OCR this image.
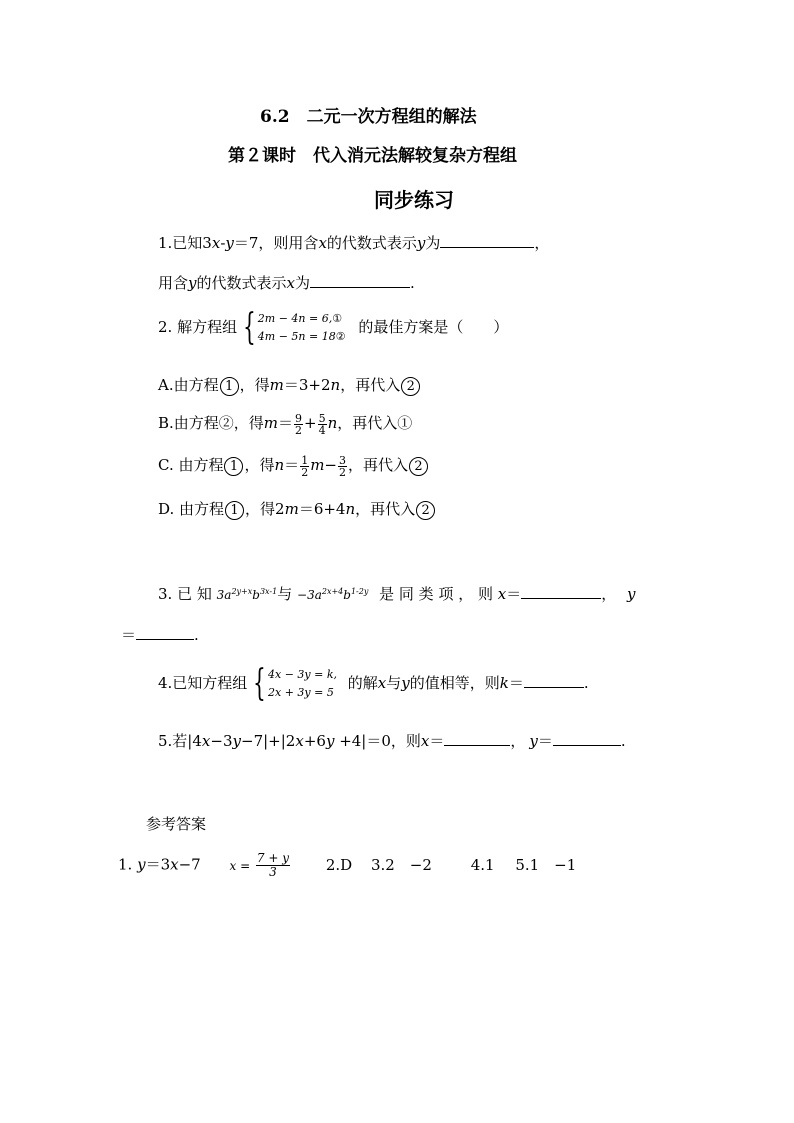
6.2　二元一次方程组的解法
第２课时　代入消元法解较复杂方程组
同步练习
1.已知3x-y＝7，则用含x的代数式表示y为	，
用含y的代数式表示x为	.
2. 解方程组 { 2m − 4n = 6,①
4m − 5n = 18②
的最佳方案是（　　）
A.由方程 1 ，得m＝3+2n，再代入 2
B.由方程②，得$m= \frac{9}{2} + \frac{5}{4}$ n，再代入①
C. 由方程 1 ，得$n= \frac{1}{2} m- \frac{3}{2}$ ，再代入 2
D. 由方程 1 ，得2m＝6+4n，再代入 2
3. 已 知 $3a^{2y+x}b^{3x-1}$与 $-3a^{2x+4}b^{1-2y}$ 是 同 类 项 ， 则 x＝	， y
＝	.
4.已知方程组 { 4x − 3y = k,
2x + 3y = 5
的解x与y的值相等，则k＝	.
5.若|4x−3y−7|+|2x+6y +4|＝0，则x＝	， y＝	.
参考答案
1. y＝3x−7 $x = \frac{7 + y}{3} 2.D$ 3.2　−2	4.1 5.1　−1
